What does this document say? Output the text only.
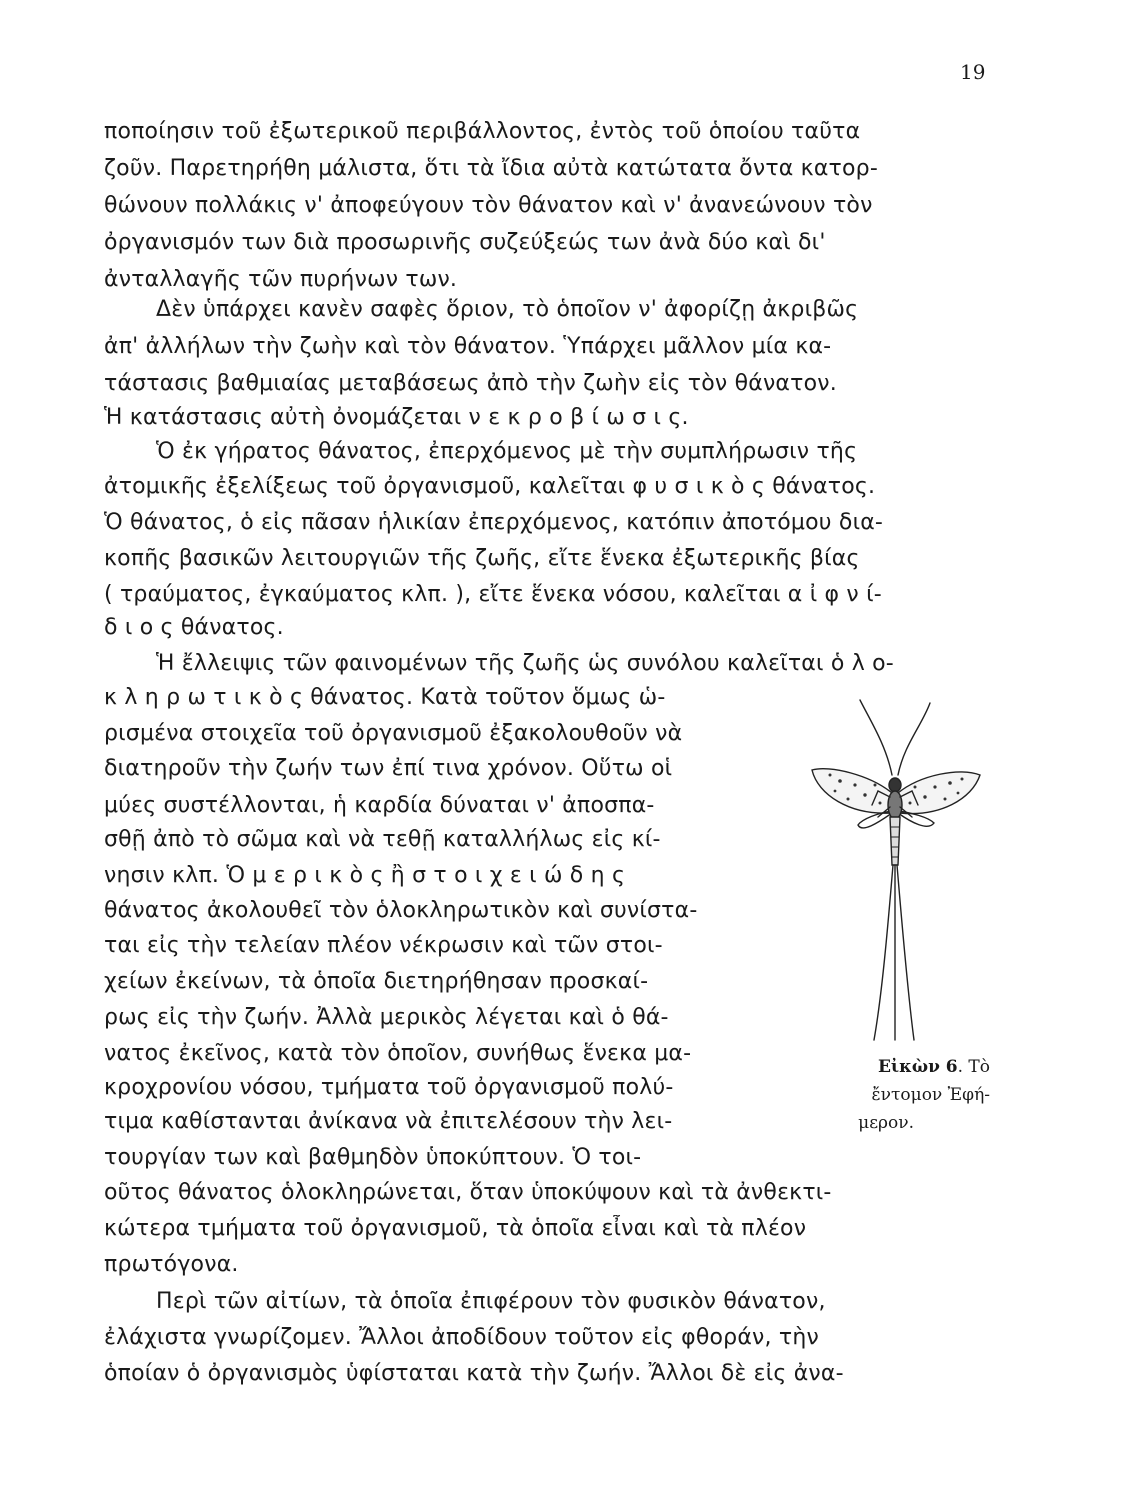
19
ποποίησιν τοῦ ἐξωτερικοῦ περιβάλλοντος, ἐντὸς τοῦ ὁποίου ταῦτα
ζοῦν. Παρετηρήθη μάλιστα, ὅτι τὰ ἴδια αὐτὰ κατώτατα ὄντα κατορ-
θώνουν πολλάκις ν' ἀποφεύγουν τὸν θάνατον καὶ ν' ἀνανεώνουν τὸν
ὀργανισμόν των διὰ προσωρινῆς συζεύξεώς των ἀνὰ δύο καὶ δι'
ἀνταλλαγῆς τῶν πυρήνων των.
Δὲν ὑπάρχει κανὲν σαφὲς ὅριον, τὸ ὁποῖον ν' ἀφορίζῃ ἀκριβῶς
ἀπ' ἀλλήλων τὴν ζωὴν καὶ τὸν θάνατον. Ὑπάρχει μᾶλλον μία κα-
τάστασις βαθμιαίας μεταβάσεως ἀπὸ τὴν ζωὴν εἰς τὸν θάνατον.
Ἡ κατάστασις αὐτὴ ὀνομάζεται ν ε κ ρ ο β ί ω σ ι ς.
Ὁ ἐκ γήρατος θάνατος, ἐπερχόμενος μὲ τὴν συμπλήρωσιν τῆς
ἀτομικῆς ἐξελίξεως τοῦ ὀργανισμοῦ, καλεῖται φ υ σ ι κ ὸ ς θάνατος.
Ὁ θάνατος, ὁ εἰς πᾶσαν ἡλικίαν ἐπερχόμενος, κατόπιν ἀποτόμου δια-
κοπῆς βασικῶν λειτουργιῶν τῆς ζωῆς, εἴτε ἕνεκα ἐξωτερικῆς βίας
( τραύματος, ἐγκαύματος κλπ. ), εἴτε ἕνεκα νόσου, καλεῖται α ἰ φ ν ί-
δ ι ο ς θάνατος.
Ἡ ἔλλειψις τῶν φαινομένων τῆς ζωῆς ὡς συνόλου καλεῖται ὁ λ ο-
κ λ η ρ ω τ ι κ ὸ ς θάνατος. Κατὰ τοῦτον ὅμως ὡ-
ρισμένα στοιχεῖα τοῦ ὀργανισμοῦ ἐξακολουθοῦν νὰ
διατηροῦν τὴν ζωήν των ἐπί τινα χρόνον. Οὕτω οἱ
μύες συστέλλονται, ἡ καρδία δύναται ν' ἀποσπα-
σθῇ ἀπὸ τὸ σῶμα καὶ νὰ τεθῇ καταλλήλως εἰς κί-
νησιν κλπ. Ὁ μ ε ρ ι κ ὸ ς ἢ σ τ ο ι χ ε ι ώ δ η ς
θάνατος ἀκολουθεῖ τὸν ὁλοκληρωτικὸν καὶ συνίστα-
ται εἰς τὴν τελείαν πλέον νέκρωσιν καὶ τῶν στοι-
χείων ἐκείνων, τὰ ὁποῖα διετηρήθησαν προσκαί-
ρως εἰς τὴν ζωήν. Ἀλλὰ μερικὸς λέγεται καὶ ὁ θά-
νατος ἐκεῖνος, κατὰ τὸν ὁποῖον, συνήθως ἕνεκα μα-
κροχρονίου νόσου, τμήματα τοῦ ὀργανισμοῦ πολύ-
τιμα καθίστανται ἀνίκανα νὰ ἐπιτελέσουν τὴν λει-
τουργίαν των καὶ βαθμηδὸν ὑποκύπτουν. Ὁ τοι-
οῦτος θάνατος ὁλοκληρώνεται, ὅταν ὑποκύψουν καὶ τὰ ἀνθεκτι-
κώτερα τμήματα τοῦ ὀργανισμοῦ, τὰ ὁποῖα εἶναι καὶ τὰ πλέον
πρωτόγονα.
Περὶ τῶν αἰτίων, τὰ ὁποῖα ἐπιφέρουν τὸν φυσικὸν θάνατον,
ἐλάχιστα γνωρίζομεν. Ἄλλοι ἀποδίδουν τοῦτον εἰς φθοράν, τὴν
ὁποίαν ὁ ὀργανισμὸς ὑφίσταται κατὰ τὴν ζωήν. Ἄλλοι δὲ εἰς ἀνα-
Εἰκὼν 6. Τὸ
ἔντομον Ἐφή-
μερον.
